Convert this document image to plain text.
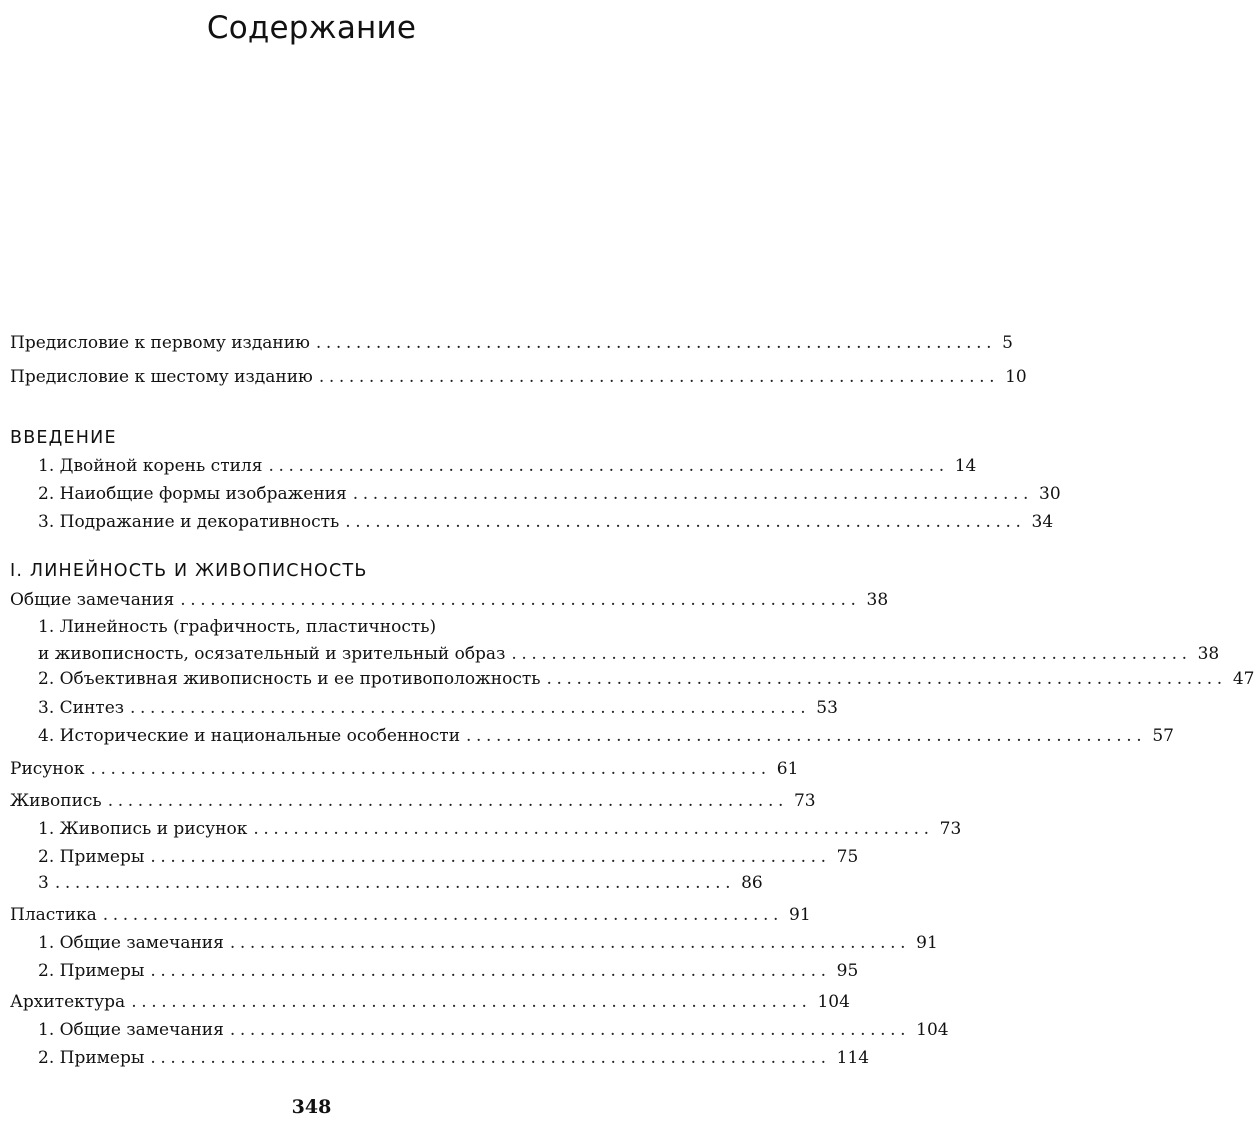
Содержание
Предисловие к первому изданию .................................................................... 5
Предисловие к шестому изданию .................................................................... 10
ВВЕДЕНИЕ
1. Двойной корень стиля .................................................................... 14
2. Наиобщие формы изображения .................................................................... 30
3. Подражание и декоративность .................................................................... 34
I. ЛИНЕЙНОСТЬ И ЖИВОПИСНОСТЬ
Общие замечания .................................................................... 38
1. Линейность (графичность, пластичность)
и живописность, осязательный и зрительный образ .................................................................... 38
2. Объективная живописность и ее противоположность .................................................................... 47
3. Синтез .................................................................... 53
4. Исторические и национальные особенности .................................................................... 57
Рисунок .................................................................... 61
Живопись .................................................................... 73
1. Живопись и рисунок .................................................................... 73
2. Примеры .................................................................... 75
3 .................................................................... 86
Пластика .................................................................... 91
1. Общие замечания .................................................................... 91
2. Примеры .................................................................... 95
Архитектура .................................................................... 104
1. Общие замечания .................................................................... 104
2. Примеры .................................................................... 114
348
